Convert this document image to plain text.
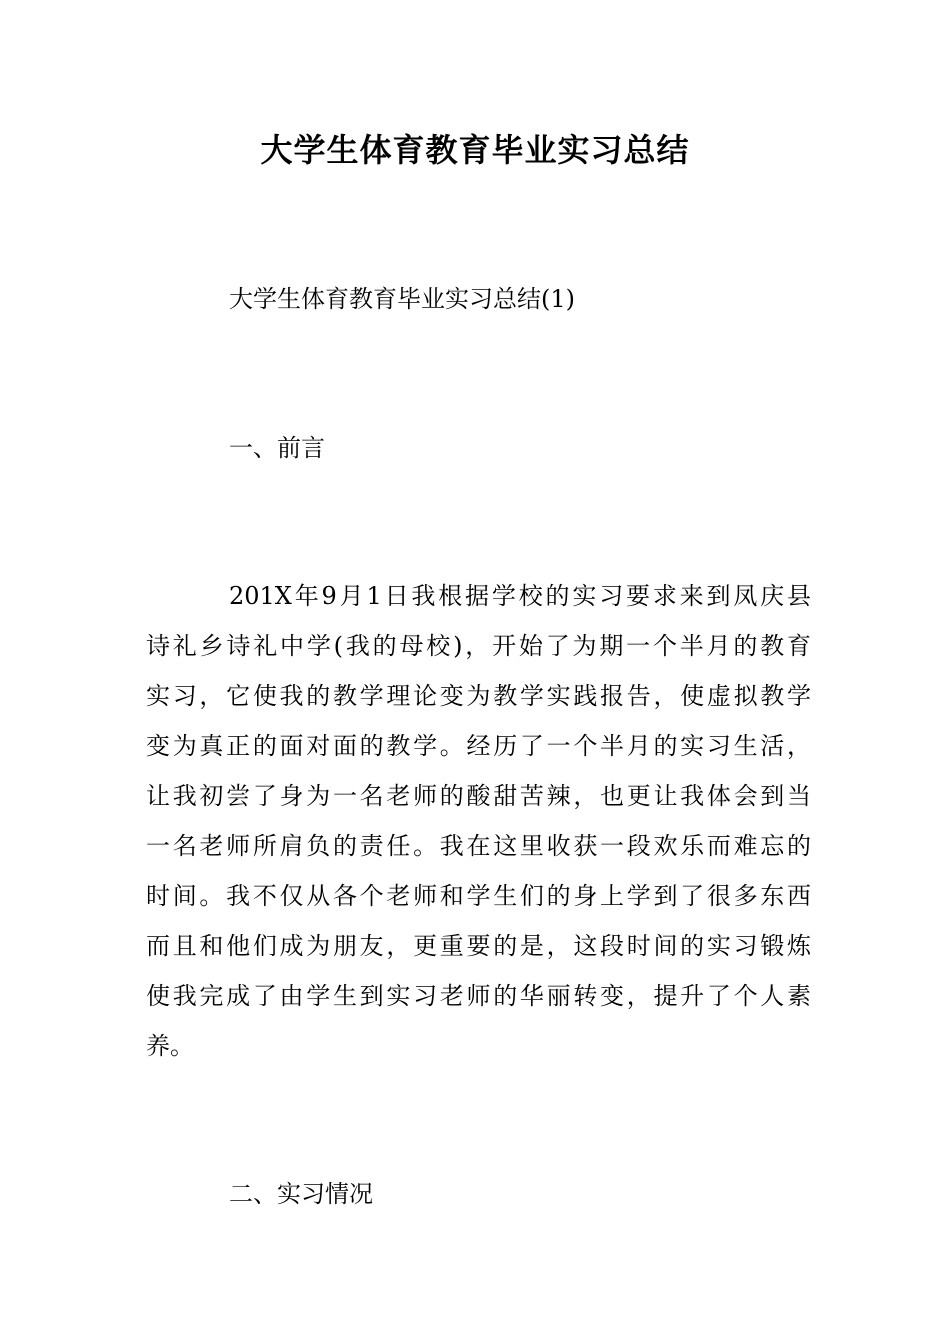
大学生体育教育毕业实习总结
大学生体育教育毕业实习总结(1)
一、前言
201X年9月1日我根据学校的实习要求来到凤庆县
诗礼乡诗礼中学(我的母校)，开始了为期一个半月的教育
实习，它使我的教学理论变为教学实践报告，使虚拟教学
变为真正的面对面的教学。经历了一个半月的实习生活，
让我初尝了身为一名老师的酸甜苦辣，也更让我体会到当
一名老师所肩负的责任。我在这里收获一段欢乐而难忘的
时间。我不仅从各个老师和学生们的身上学到了很多东西
而且和他们成为朋友，更重要的是，这段时间的实习锻炼
使我完成了由学生到实习老师的华丽转变，提升了个人素
养。
二、实习情况
